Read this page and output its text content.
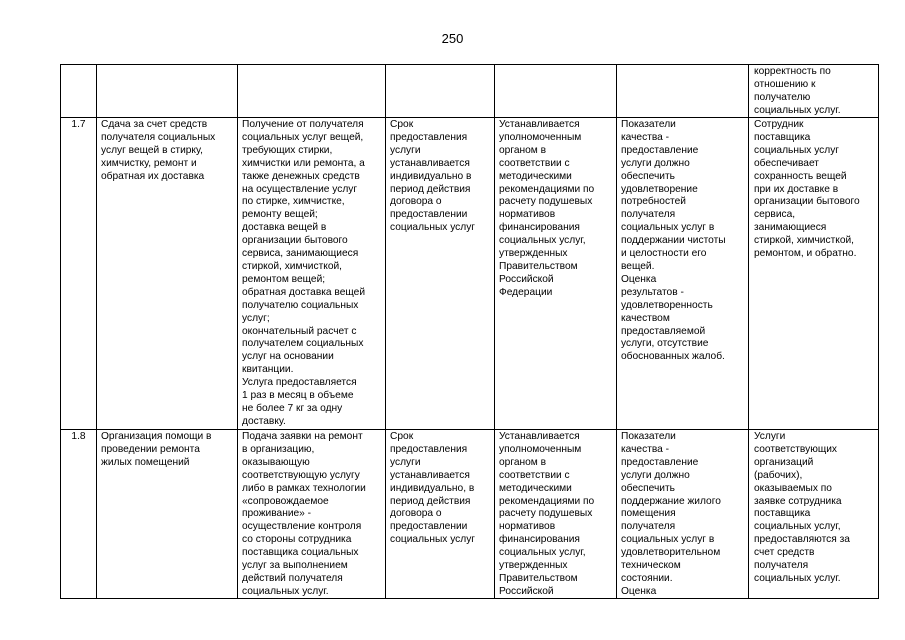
250
корректность по
отношению к
получателю
социальных услуг.
1.7	Сдача за счет средств
получателя социальных
услуг вещей в стирку,
химчистку, ремонт и
обратная их доставка
Получение от получателя
социальных услуг вещей,
требующих стирки,
химчистки или ремонта, а
также денежных средств
на осуществление услуг
по стирке, химчистке,
ремонту вещей;
доставка вещей в
организации бытового
сервиса, занимающиеся
стиркой, химчисткой,
ремонтом вещей;
обратная доставка вещей
получателю социальных
услуг;
окончательный расчет с
получателем социальных
услуг на основании
квитанции.
Услуга предоставляется
1 раз в месяц в объеме
не более 7 кг за одну
доставку.
Срок
предоставления
услуги
устанавливается
индивидуально в
период действия
договора о
предоставлении
социальных услуг
Устанавливается
уполномоченным
органом в
соответствии с
методическими
рекомендациями по
расчету подушевых
нормативов
финансирования
социальных услуг,
утвержденных
Правительством
Российской
Федерации
Показатели
качества -
предоставление
услуги должно
обеспечить
удовлетворение
потребностей
получателя
социальных услуг в
поддержании чистоты
и целостности его
вещей.
Оценка
результатов -
удовлетворенность
качеством
предоставляемой
услуги, отсутствие
обоснованных жалоб.
Сотрудник
поставщика
социальных услуг
обеспечивает
сохранность вещей
при их доставке в
организации бытового
сервиса,
занимающиеся
стиркой, химчисткой,
ремонтом, и обратно.
1.8	Организация помощи в
проведении ремонта
жилых помещений
Подача заявки на ремонт
в организацию,
оказывающую
соответствующую услугу
либо в рамках технологии
«сопровождаемое
проживание» -
осуществление контроля
со стороны сотрудника
поставщика социальных
услуг за выполнением
действий получателя
социальных услуг.
Срок
предоставления
услуги
устанавливается
индивидуально, в
период действия
договора о
предоставлении
социальных услуг
Устанавливается
уполномоченным
органом в
соответствии с
методическими
рекомендациями по
расчету подушевых
нормативов
финансирования
социальных услуг,
утвержденных
Правительством
Российской
Показатели
качества -
предоставление
услуги должно
обеспечить
поддержание жилого
помещения
получателя
социальных услуг в
удовлетворительном
техническом
состоянии.
Оценка
Услуги
соответствующих
организаций
(рабочих),
оказываемых по
заявке сотрудника
поставщика
социальных услуг,
предоставляются за
счет средств
получателя
социальных услуг.
